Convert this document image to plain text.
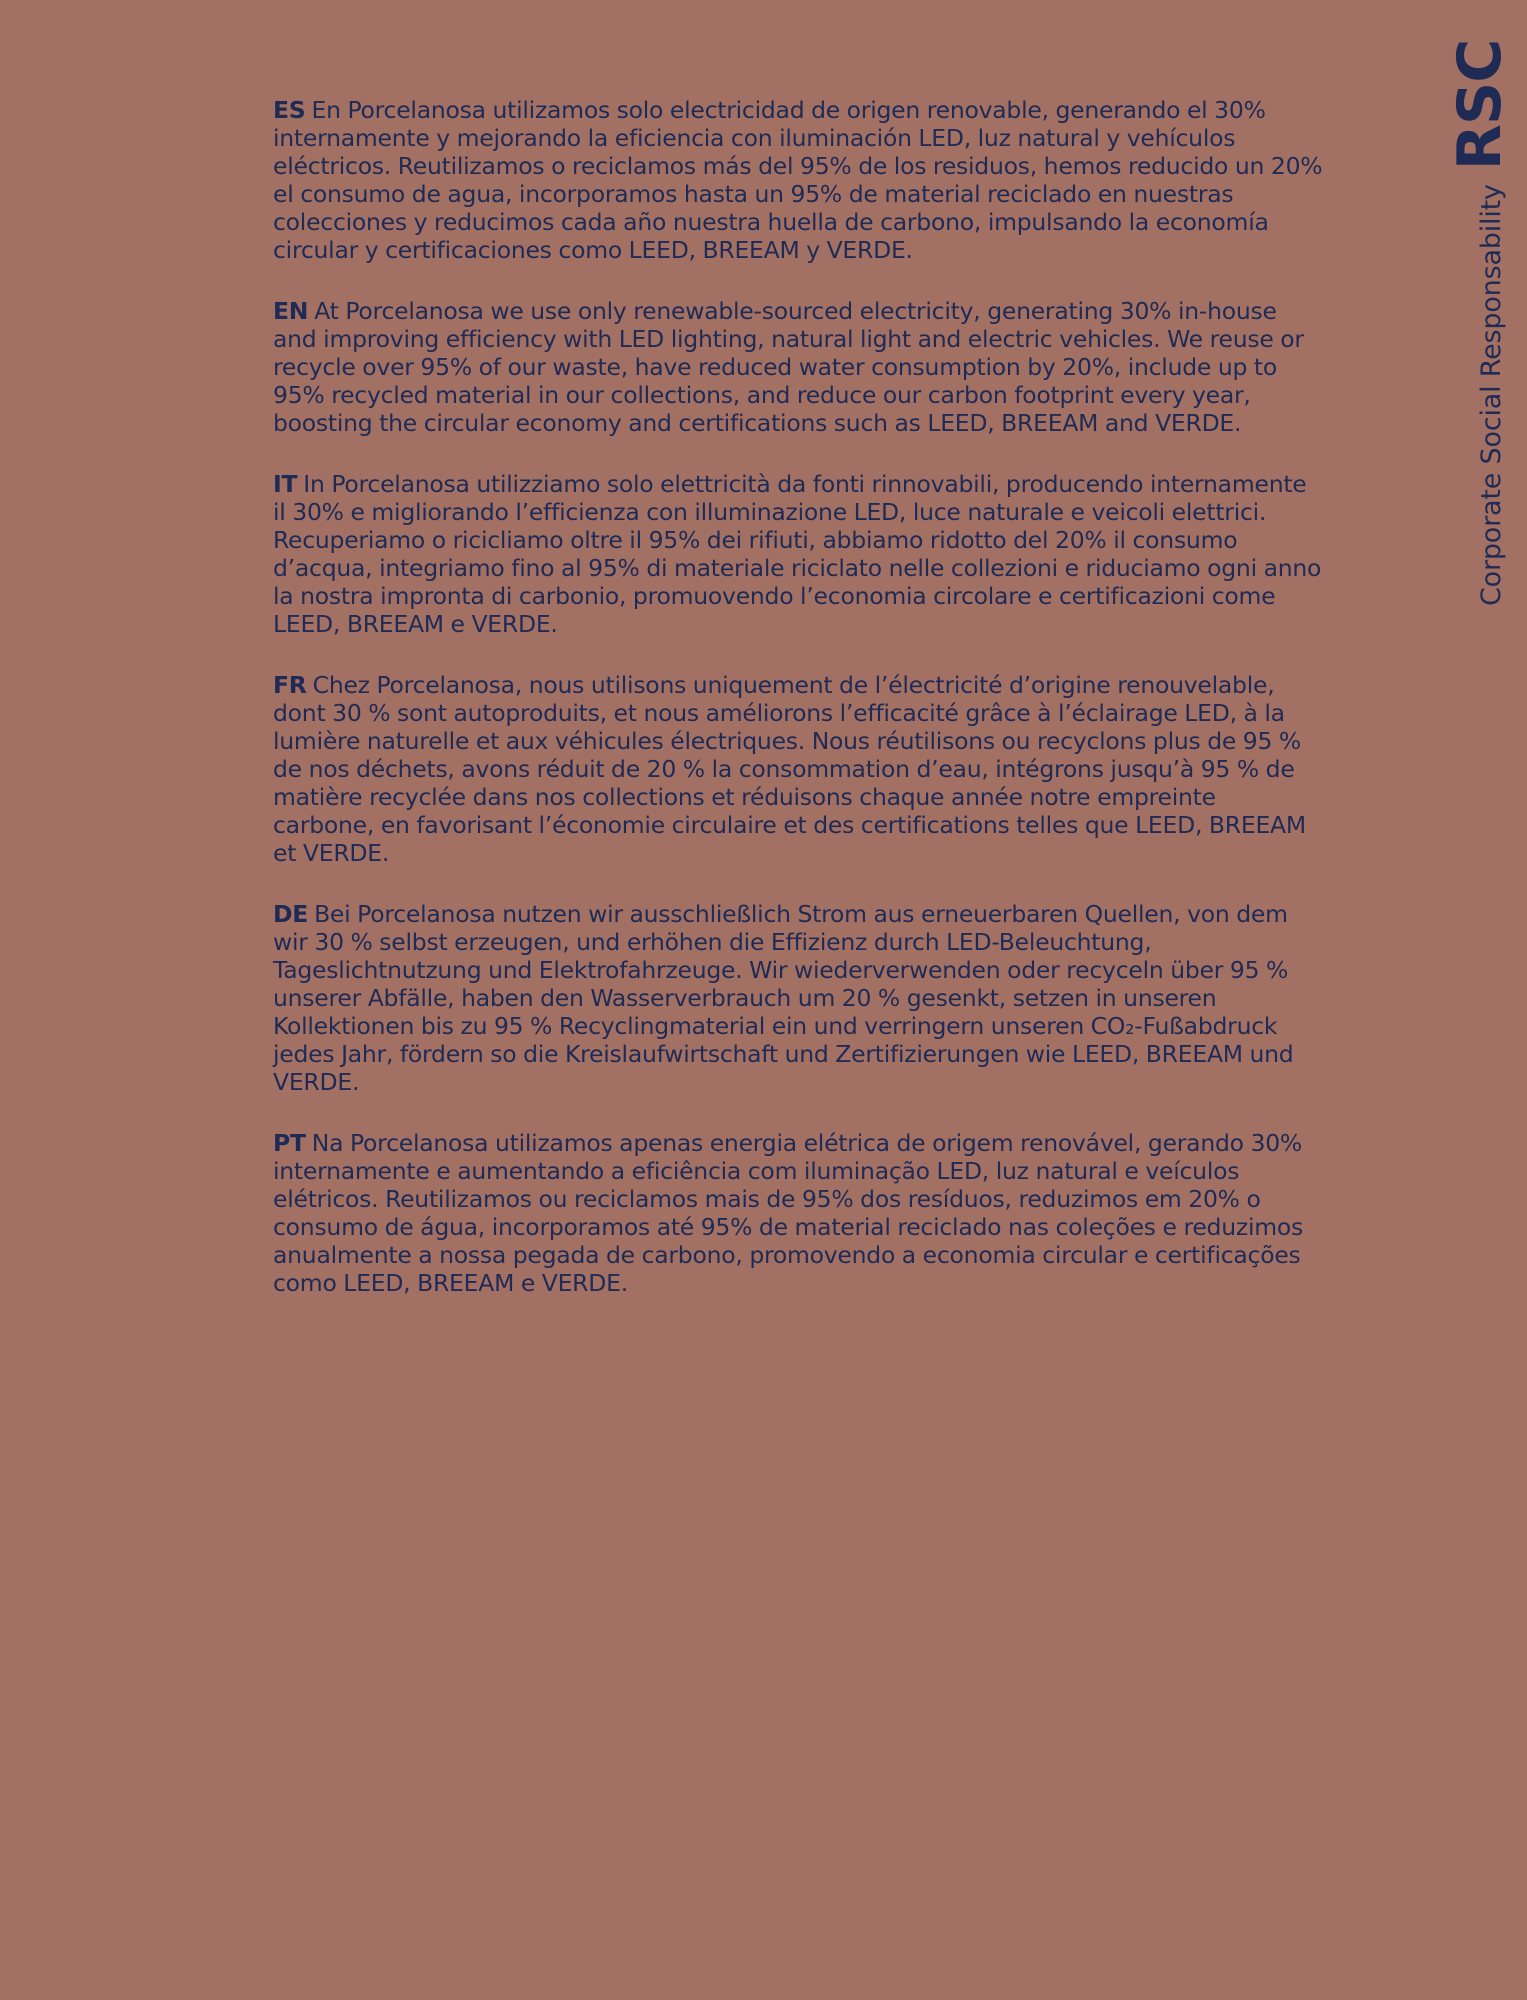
ES En Porcelanosa utilizamos solo electricidad de origen renovable, generando el 30% internamente y mejorando la eficiencia con iluminación LED, luz natural y vehículos eléctricos. Reutilizamos o reciclamos más del 95% de los residuos, hemos reducido un 20% el consumo de agua, incorporamos hasta un 95% de material reciclado en nuestras colecciones y reducimos cada año nuestra huella de carbono, impulsando la economía circular y certificaciones como LEED, BREEAM y VERDE.

EN At Porcelanosa we use only renewable-sourced electricity, generating 30% in-house and improving efficiency with LED lighting, natural light and electric vehicles. We reuse or recycle over 95% of our waste, have reduced water consumption by 20%, include up to 95% recycled material in our collections, and reduce our carbon footprint every year, boosting the circular economy and certifications such as LEED, BREEAM and VERDE.

IT In Porcelanosa utilizziamo solo elettricità da fonti rinnovabili, producendo internamente il 30% e migliorando l’efficienza con illuminazione LED, luce naturale e veicoli elettrici. Recuperiamo o ricicliamo oltre il 95% dei rifiuti, abbiamo ridotto del 20% il consumo d’acqua, integriamo fino al 95% di materiale riciclato nelle collezioni e riduciamo ogni anno la nostra impronta di carbonio, promuovendo l’economia circolare e certificazioni come LEED, BREEAM e VERDE.

FR Chez Porcelanosa, nous utilisons uniquement de l’électricité d’origine renouvelable, dont 30 % sont autoproduits, et nous améliorons l’efficacité grâce à l’éclairage LED, à la lumière naturelle et aux véhicules électriques. Nous réutilisons ou recyclons plus de 95 % de nos déchets, avons réduit de 20 % la consommation d’eau, intégrons jusqu’à 95 % de matière recyclée dans nos collections et réduisons chaque année notre empreinte carbone, en favorisant l’économie circulaire et des certifications telles que LEED, BREEAM et VERDE.

DE Bei Porcelanosa nutzen wir ausschließlich Strom aus erneuerbaren Quellen, von dem wir 30 % selbst erzeugen, und erhöhen die Effizienz durch LED-Beleuchtung, Tageslichtnutzung und Elektrofahrzeuge. Wir wiederverwenden oder recyceln über 95 % unserer Abfälle, haben den Wasserverbrauch um 20 % gesenkt, setzen in unseren Kollektionen bis zu 95 % Recyclingmaterial ein und verringern unseren CO₂-Fußabdruck jedes Jahr, fördern so die Kreislaufwirtschaft und Zertifizierungen wie LEED, BREEAM und VERDE.

PT Na Porcelanosa utilizamos apenas energia elétrica de origem renovável, gerando 30% internamente e aumentando a eficiência com iluminação LED, luz natural e veículos elétricos. Reutilizamos ou reciclamos mais de 95% dos resíduos, reduzimos em 20% o consumo de água, incorporamos até 95% de material reciclado nas coleções e reduzimos anualmente a nossa pegada de carbono, promovendo a economia circular e certificações como LEED, BREEAM e VERDE.

Corporate Social Responsability
RSC
